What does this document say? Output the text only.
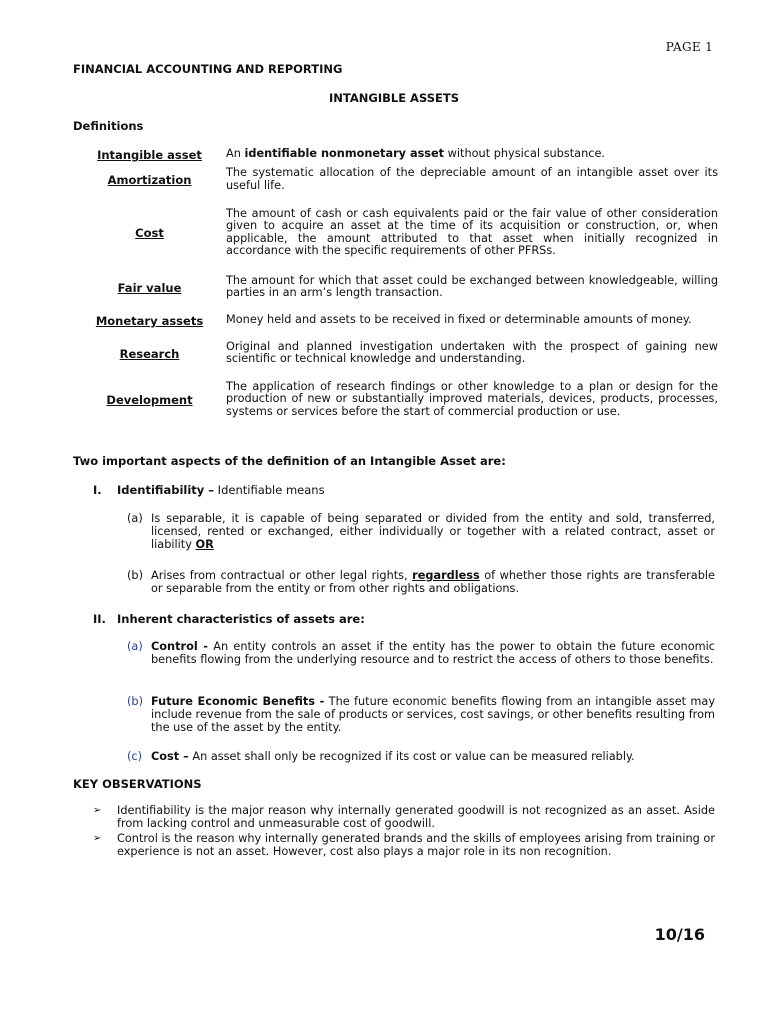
PAGE 1
FINANCIAL ACCOUNTING AND REPORTING
INTANGIBLE ASSETS
Definitions
Intangible asset	An identifiable nonmonetary asset without physical substance.
Amortization	The systematic allocation of the depreciable amount of an intangible asset over its useful life.
Cost	The amount of cash or cash equivalents paid or the fair value of other consideration given to acquire an asset at the time of its acquisition or construction, or, when applicable, the amount attributed to that asset when initially recognized in accordance with the specific requirements of other PFRSs.
Fair value	The amount for which that asset could be exchanged between knowledgeable, willing parties in an arm’s length transaction.
Monetary assets	Money held and assets to be received in fixed or determinable amounts of money.
Research	Original and planned investigation undertaken with the prospect of gaining new scientific or technical knowledge and understanding.
Development	The application of research findings or other knowledge to a plan or design for the production of new or substantially improved materials, devices, products, processes, systems or services before the start of commercial production or use.
Two important aspects of the definition of an Intangible Asset are:
I. Identifiability – Identifiable means
(a) Is separable, it is capable of being separated or divided from the entity and sold, transferred, licensed, rented or exchanged, either individually or together with a related contract, asset or liability OR
(b) Arises from contractual or other legal rights, regardless of whether those rights are transferable or separable from the entity or from other rights and obligations.
II. Inherent characteristics of assets are:
(a) Control - An entity controls an asset if the entity has the power to obtain the future economic benefits flowing from the underlying resource and to restrict the access of others to those benefits.
(b) Future Economic Benefits - The future economic benefits flowing from an intangible asset may include revenue from the sale of products or services, cost savings, or other benefits resulting from the use of the asset by the entity.
(c) Cost – An asset shall only be recognized if its cost or value can be measured reliably.
KEY OBSERVATIONS
➢ Identifiability is the major reason why internally generated goodwill is not recognized as an asset. Aside from lacking control and unmeasurable cost of goodwill.
➢ Control is the reason why internally generated brands and the skills of employees arising from training or experience is not an asset. However, cost also plays a major role in its non recognition.
10/16
